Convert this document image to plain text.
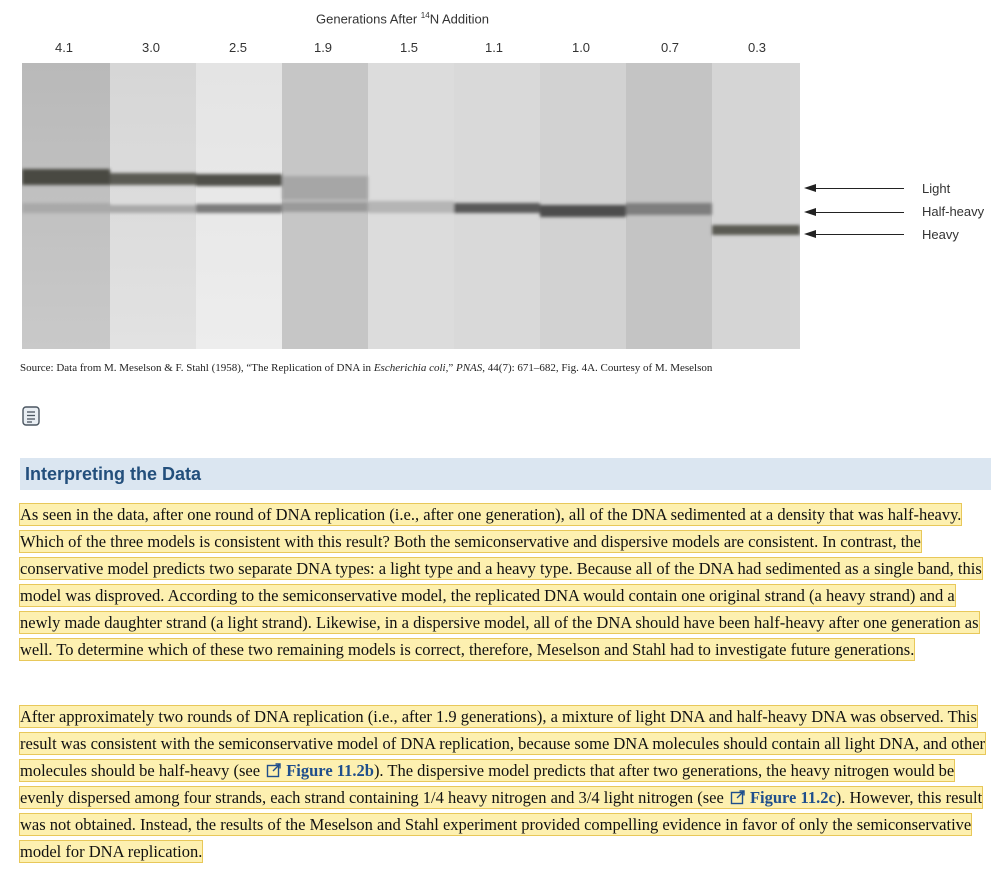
Generations After $^{14}$N Addition
4.1	3.0	2.5	1.9	1.5	1.1	1.0	0.7	0.3
Light
Half-heavy
Heavy
Source: Data from M. Meselson & F. Stahl (1958), “The Replication of DNA in Escherichia coli,” PNAS, 44(7): 671–682, Fig. 4A. Courtesy of M. Meselson
Interpreting the Data

As seen in the data, after one round of DNA replication (i.e., after one generation), all of the DNA sedimented at a density that was half-heavy. Which of the three models is consistent with this result? Both the semiconservative and dispersive models are consistent. In contrast, the conservative model predicts two separate DNA types: a light type and a heavy type. Because all of the DNA had sedimented as a single band, this model was disproved. According to the semiconservative model, the replicated DNA would contain one original strand (a heavy strand) and a newly made daughter strand (a light strand). Likewise, in a dispersive model, all of the DNA should have been half-heavy after one generation as well. To determine which of these two remaining models is correct, therefore, Meselson and Stahl had to investigate future generations.

After approximately two rounds of DNA replication (i.e., after 1.9 generations), a mixture of light DNA and half-heavy DNA was observed. This result was consistent with the semiconservative model of DNA replication, because some DNA molecules should contain all light DNA, and other molecules should be half-heavy (see Figure 11.2b). The dispersive model predicts that after two generations, the heavy nitrogen would be evenly dispersed among four strands, each strand containing 1/4 heavy nitrogen and 3/4 light nitrogen (see Figure 11.2c). However, this result was not obtained. Instead, the results of the Meselson and Stahl experiment provided compelling evidence in favor of only the semiconservative model for DNA replication.
